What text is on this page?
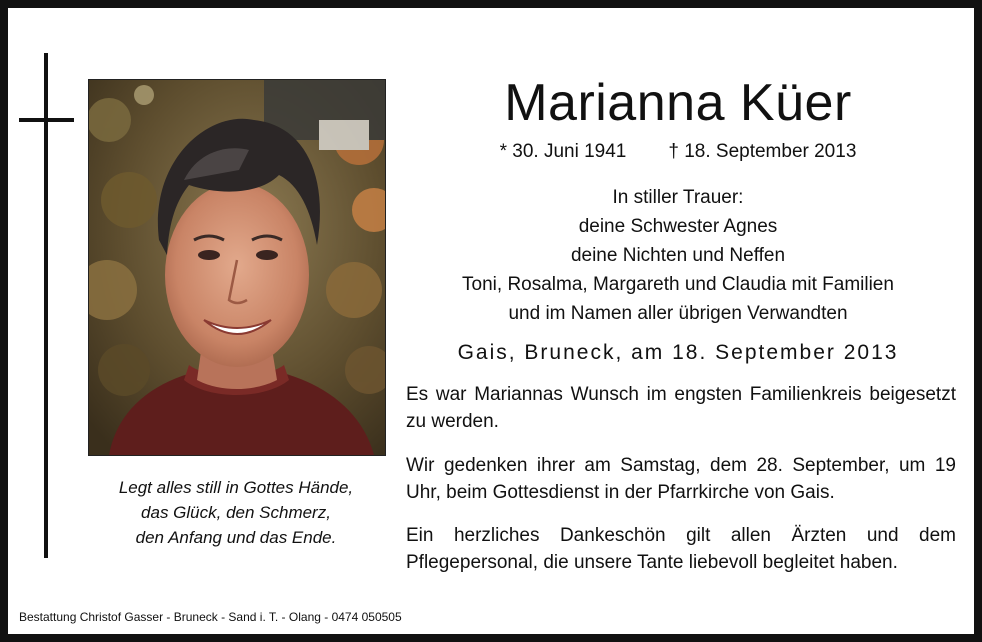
Legt alles still in Gottes Hände,
das Glück, den Schmerz,
den Anfang und das Ende.
Marianna Küer
* 30. Juni 1941 † 18. September 2013
In stiller Trauer:
deine Schwester Agnes
deine Nichten und Neffen
Toni, Rosalma, Margareth und Claudia mit Familien
und im Namen aller übrigen Verwandten
Gais, Bruneck, am 18. September 2013
Es war Mariannas Wunsch im engsten Familienkreis beigesetzt zu werden.
Wir gedenken ihrer am Samstag, dem 28. September, um 19 Uhr, beim Gottesdienst in der Pfarrkirche von Gais.
Ein herzliches Dankeschön gilt allen Ärzten und dem Pflegepersonal, die unsere Tante liebevoll begleitet haben.
Bestattung Christof Gasser - Bruneck - Sand i. T. - Olang - 0474 050505
